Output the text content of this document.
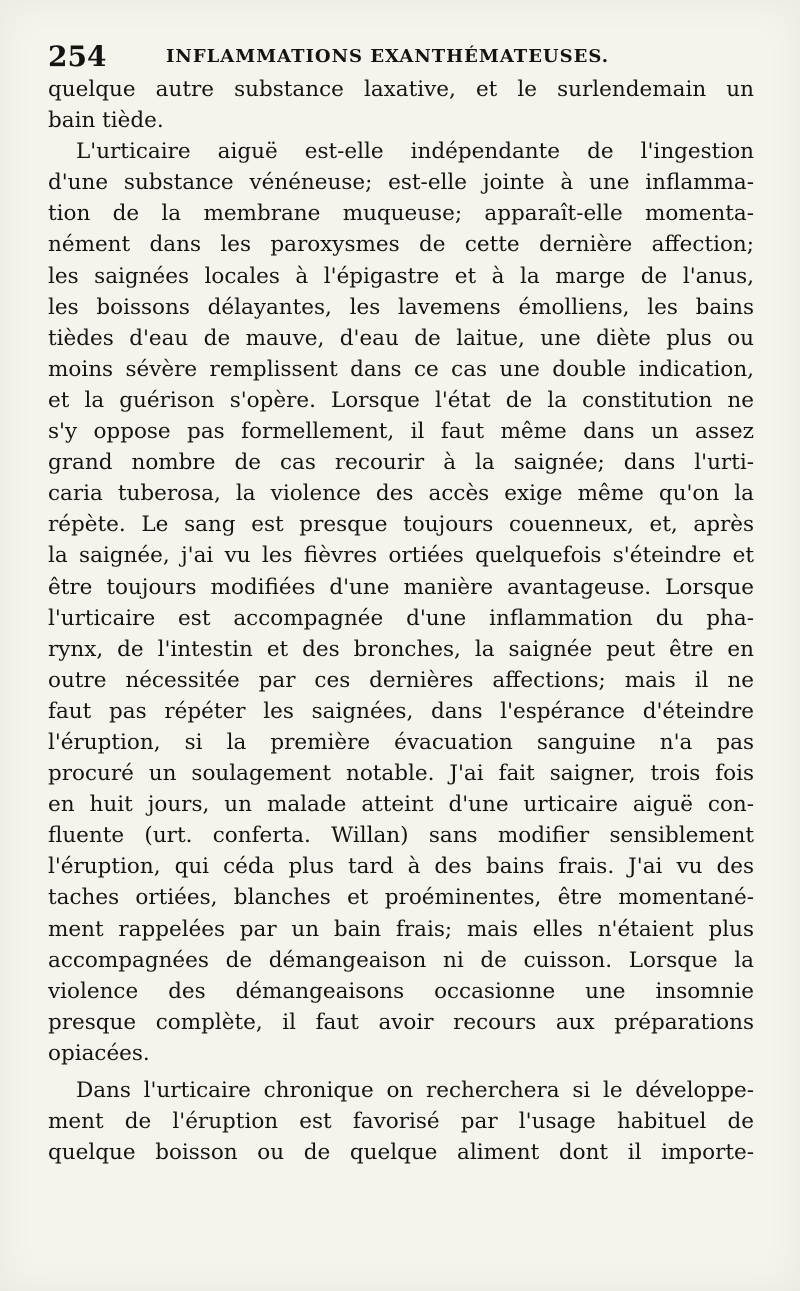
254	INFLAMMATIONS EXANTHÉMATEUSES.
quelque autre substance laxative, et le surlendemain un
bain tiède.
L'urticaire aiguë est-elle indépendante de l'ingestion
d'une substance vénéneuse; est-elle jointe à une inflamma-
tion de la membrane muqueuse; apparaît-elle momenta-
nément dans les paroxysmes de cette dernière affection;
les saignées locales à l'épigastre et à la marge de l'anus,
les boissons délayantes, les lavemens émolliens, les bains
tièdes d'eau de mauve, d'eau de laitue, une diète plus ou
moins sévère remplissent dans ce cas une double indication,
et la guérison s'opère. Lorsque l'état de la constitution ne
s'y oppose pas formellement, il faut même dans un assez
grand nombre de cas recourir à la saignée; dans l'urti-
caria tuberosa, la violence des accès exige même qu'on la
répète. Le sang est presque toujours couenneux, et, après
la saignée, j'ai vu les fièvres ortiées quelquefois s'éteindre et
être toujours modifiées d'une manière avantageuse. Lorsque
l'urticaire est accompagnée d'une inflammation du pha-
rynx, de l'intestin et des bronches, la saignée peut être en
outre nécessitée par ces dernières affections; mais il ne
faut pas répéter les saignées, dans l'espérance d'éteindre
l'éruption, si la première évacuation sanguine n'a pas
procuré un soulagement notable. J'ai fait saigner, trois fois
en huit jours, un malade atteint d'une urticaire aiguë con-
fluente (urt. conferta. Willan) sans modifier sensiblement
l'éruption, qui céda plus tard à des bains frais. J'ai vu des
taches ortiées, blanches et proéminentes, être momentané-
ment rappelées par un bain frais; mais elles n'étaient plus
accompagnées de démangeaison ni de cuisson. Lorsque la
violence des démangeaisons occasionne une insomnie
presque complète, il faut avoir recours aux préparations
opiacées.
Dans l'urticaire chronique on recherchera si le développe-
ment de l'éruption est favorisé par l'usage habituel de
quelque boisson ou de quelque aliment dont il importe-
